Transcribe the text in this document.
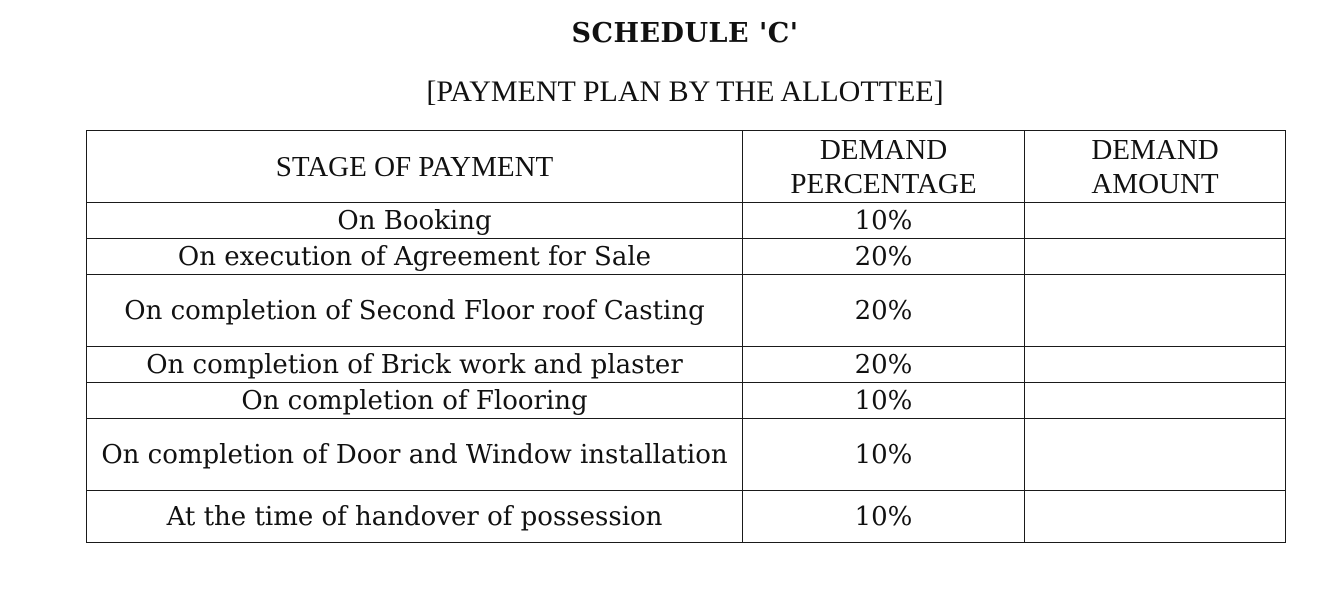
SCHEDULE 'C'
[PAYMENT PLAN BY THE ALLOTTEE]
STAGE OF PAYMENT	DEMAND PERCENTAGE	DEMAND AMOUNT
On Booking	10%	
On execution of Agreement for Sale	20%	
On completion of Second Floor roof Casting	20%	
On completion of Brick work and plaster	20%	
On completion of Flooring	10%	
On completion of Door and Window installation	10%	
At the time of handover of possession	10%	
